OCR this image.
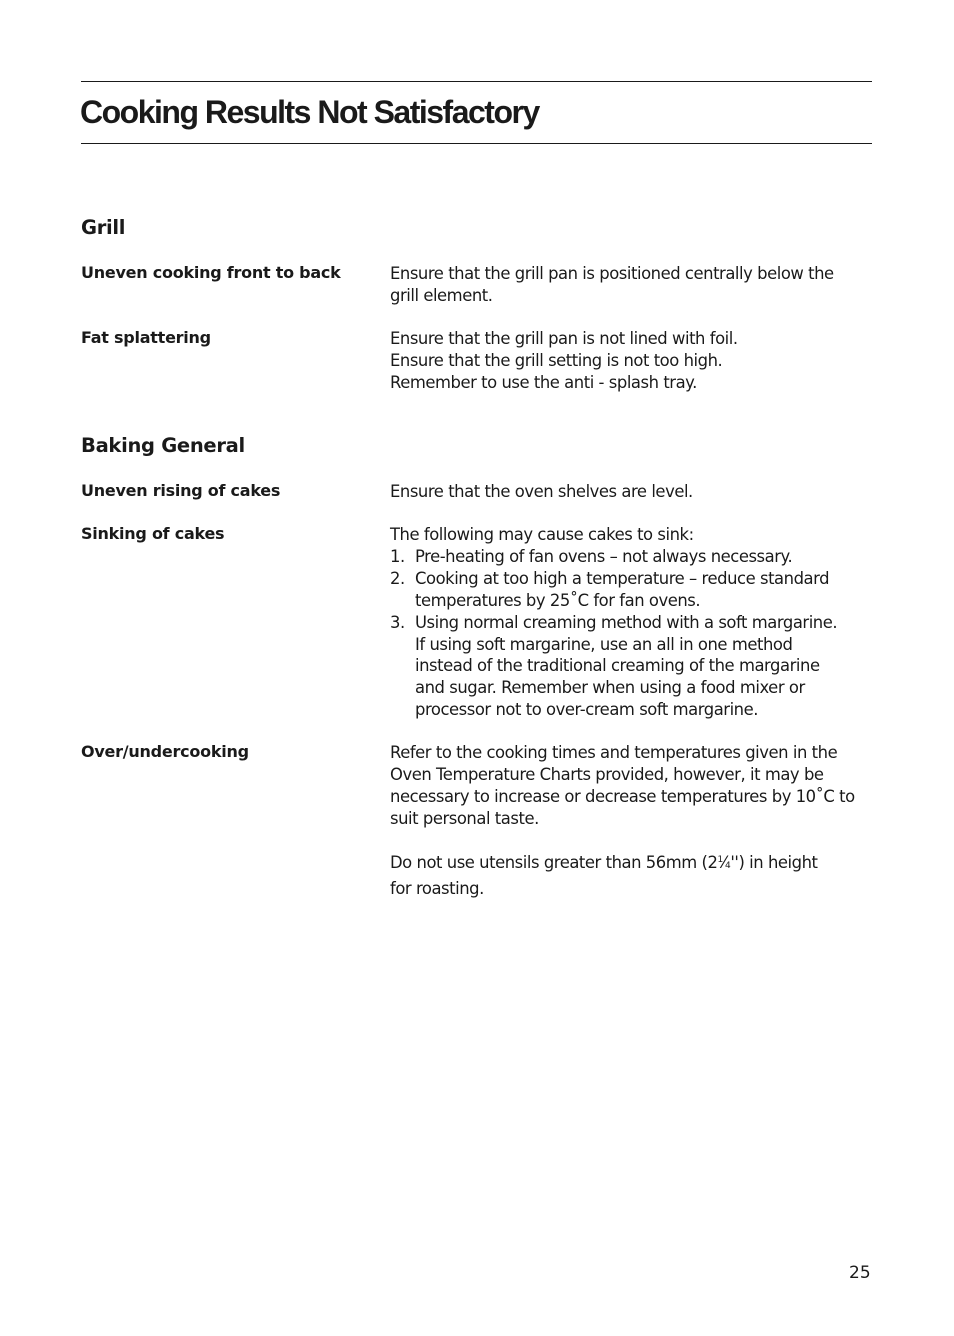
Cooking Results Not Satisfactory
Grill

Uneven cooking front to back	Ensure that the grill pan is positioned centrally below the
grill element.

Fat splattering	Ensure that the grill pan is not lined with foil.
Ensure that the grill setting is not too high.
Remember to use the anti - splash tray.
Baking General

Uneven rising of cakes	Ensure that the oven shelves are level.

Sinking of cakes	The following may cause cakes to sink:
1. Pre-heating of fan ovens – not always necessary.
2. Cooking at too high a temperature – reduce standard
temperatures by 25˚C for fan ovens.
3. Using normal creaming method with a soft margarine.
If using soft margarine, use an all in one method
instead of the traditional creaming of the margarine
and sugar. Remember when using a food mixer or
processor not to over-cream soft margarine.

Over/undercooking	Refer to the cooking times and temperatures given in the
Oven Temperature Charts provided, however, it may be
necessary to increase or decrease temperatures by 10˚C to
suit personal taste.
Do not use utensils greater than 56mm $(2^1⁄4'')$ in height
for roasting.

25
